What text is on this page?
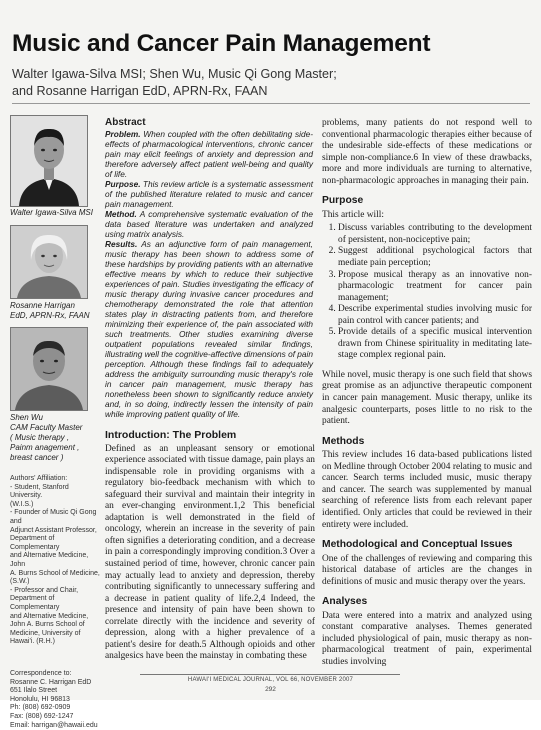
Music and Cancer Pain Management
Walter Igawa-Silva MSI; Shen Wu, Music Qi Gong Master;
and Rosanne Harrigan EdD, APRN-Rx, FAAN
Walter Igawa-Silva MSI
Rosanne Harrigan
EdD, APRN-Rx, FAAN
Shen Wu
CAM Faculty Master
( Music therapy ,
Painm anagement ,
breast cancer )
Authors' Affiliation:
- Student, Stanford University.
(W.I.S.)
- Founder of Music Qi Gong and
Adjunct Assistant Professor,
Department of Complementary
and Alternative Medicine, John
A. Burns School of Medicine,
(S.W.)
- Professor and Chair,
Department of Complementary
and Alternative Medicine,
John A. Burns School of
Medicine, University of Hawai'i. (R.H.)
Correspondence to:
Rosanne C. Harrigan EdD
651 Ilalo Street
Honolulu, HI 96813
Ph: (808) 692-0909
Fax: (808) 692-1247
Email: harrigan@hawaii.edu
Abstract

Problem. When coupled with the often debilitating side-effects of pharmacological interventions, chronic cancer pain may elicit feelings of anxiety and depression and therefore adversely affect patient well-being and quality of life.

Purpose. This review article is a systematic assessment of the published literature related to music and cancer pain management.

Method. A comprehensive systematic evaluation of the data based literature was undertaken and analyzed using matrix analysis.

Results. As an adjunctive form of pain management, music therapy has been shown to address some of these hardships by providing patients with an alternative effective means by which to reduce their subjective experiences of pain. Studies investigating the efficacy of music therapy during invasive cancer procedures and chemotherapy demonstrated the role that attention states play in distracting patients from, and therefore minimizing their experience of, the pain associated with such treatments. Other studies examining diverse outpatient populations revealed similar findings, illustrating well the cognitive-affective dimensions of pain perception. Although these findings fail to adequately address the ambiguity surrounding music therapy's role in cancer pain management, music therapy has nonetheless been shown to significantly reduce anxiety and, in so doing, indirectly lessen the intensity of pain while improving patient quality of life.

Introduction: The Problem

Defined as an unpleasant sensory or emotional experience associated with tissue damage, pain plays an indispensable role in providing organisms with a regulatory bio-feedback mechanism with which to safeguard their survival and maintain their integrity in an ever-changing environment.1,2 This beneficial adaptation is well demonstrated in the field of oncology, wherein an increase in the severity of pain often signifies a deteriorating condition, and a decrease in pain a correspondingly improving condition.3 Over a sustained period of time, however, chronic cancer pain may actually lead to anxiety and depression, thereby contributing significantly to unnecessary suffering and a decrease in patient quality of life.2,4 Indeed, the presence and intensity of pain have been shown to correlate directly with the incidence and severity of depression, along with a higher prevalence of a patient's desire for death.5 Although opioids and other analgesics have been the mainstay in combating these

problems, many patients do not respond well to conventional pharmacologic therapies either because of the undesirable side-effects of these medications or simple non-compliance.6 In view of these drawbacks, more and more individuals are turning to alternative, non-pharmacologic approaches in managing their pain.

Purpose

This article will:

1. Discuss variables contributing to the development of persistent, non-nociceptive pain;
2. Suggest additional psychological factors that mediate pain perception;
3. Propose musical therapy as an innovative non-pharmacologic treatment for cancer pain management;
4. Describe experimental studies involving music for pain control with cancer patients; and
5. Provide details of a specific musical intervention drawn from Chinese spirituality in meditating late-stage complex regional pain.

While novel, music therapy is one such field that shows great promise as an adjunctive therapeutic component in cancer pain management. Music therapy, unlike its analgesic counterparts, poses little to no risk to the patient.

Methods

This review includes 16 data-based publications listed on Medline through October 2004 relating to music and cancer. Search terms included music, music therapy and cancer. The search was supplemented by manual searching of reference lists from each relevant paper identified. Only articles that could be reviewed in their entirety were included.

Methodological and Conceptual Issues

One of the challenges of reviewing and comparing this historical database of articles are the changes in definitions of music and music therapy over the years.

Analyses

Data were entered into a matrix and analyzed using constant comparative analyses. Themes generated included physiological of pain, music therapy as non-pharmacological treatment of pain, experimental studies involving

HAWAI'I MEDICAL JOURNAL, VOL 66, NOVEMBER 2007
292
